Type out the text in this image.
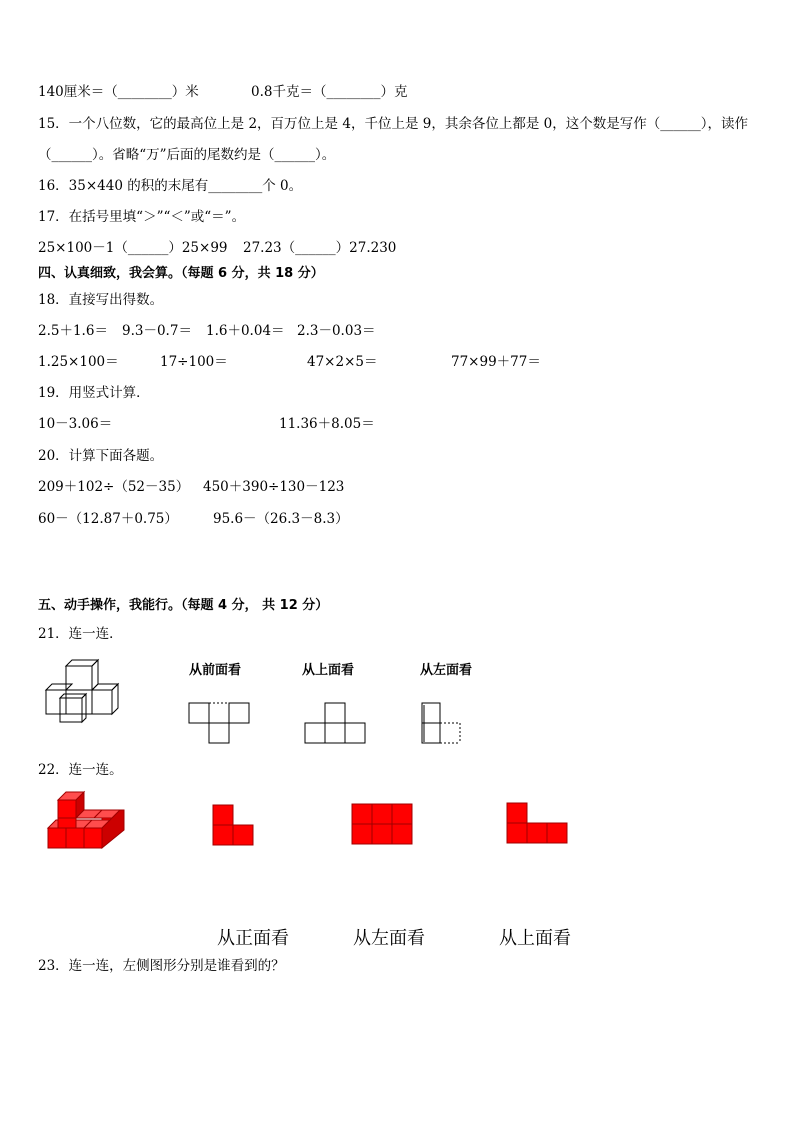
140厘米＝（________）米	0.8千克＝（________）克
15．一个八位数，它的最高位上是 2，百万位上是 4，千位上是 9，其余各位上都是 0，这个数是写作（______），读作
（______）。省略“万”后面的尾数约是（______）。
16．35×440 的积的末尾有________个 0。
17．在括号里填“＞”“＜”或“＝”。
25×100－1（______）25×99 27.23（______）27.230
四、认真细致，我会算。（每题 6 分，共 18 分）
18．直接写出得数。
2.5＋1.6＝ 9.3－0.7＝ 1.6＋0.04＝ 2.3－0.03＝
1.25×100＝	17÷100＝	47×2×5＝	77×99＋77＝
19．用竖式计算．
10－3.06＝	11.36＋8.05＝
20．计算下面各题。
209＋102÷（52－35） 450＋390÷130－123
60－（12.87＋0.75）	95.6－（26.3－8.3）
五、动手操作，我能行。（每题 4 分， 共 12 分）
21．连一连．
从前面看	从上面看	从左面看
22．连一连。
从正面看	从左面看	从上面看
23．连一连，左侧图形分别是谁看到的？
